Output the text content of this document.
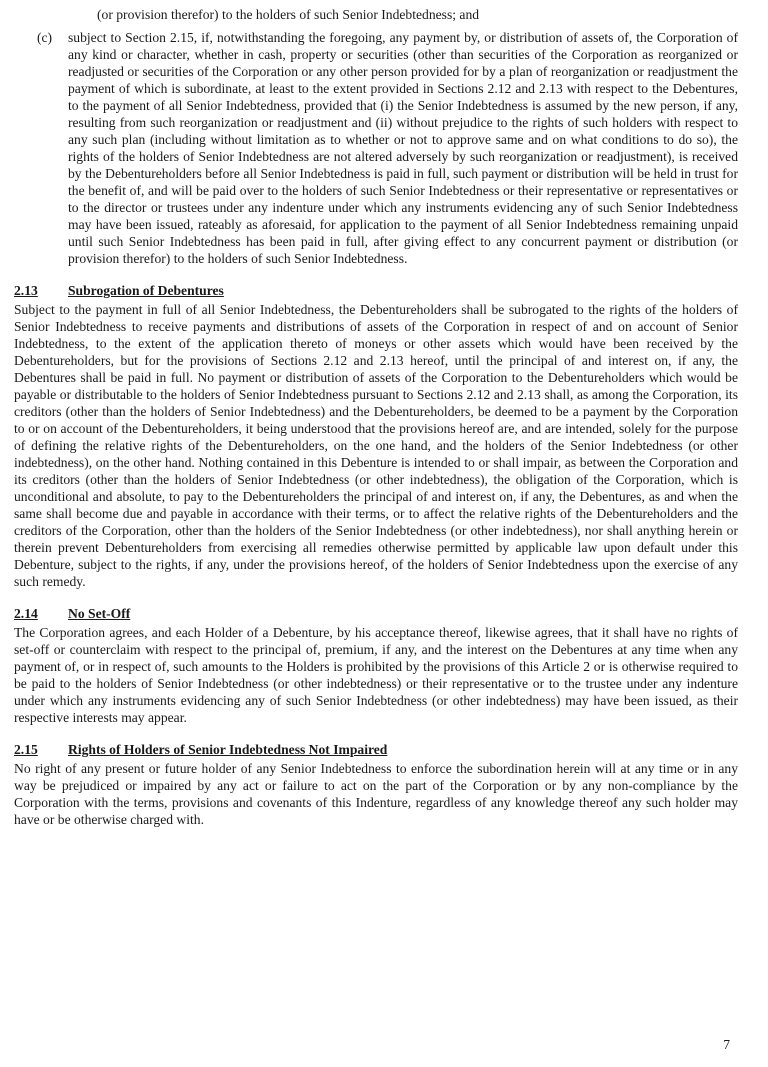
(or provision therefor) to the holders of such Senior Indebtedness; and
(c)	subject to Section 2.15, if, notwithstanding the foregoing, any payment by, or distribution of assets of, the Corporation of any kind or character, whether in cash, property or securities (other than securities of the Corporation as reorganized or readjusted or securities of the Corporation or any other person provided for by a plan of reorganization or readjustment the payment of which is subordinate, at least to the extent provided in Sections 2.12 and 2.13 with respect to the Debentures, to the payment of all Senior Indebtedness, provided that (i) the Senior Indebtedness is assumed by the new person, if any, resulting from such reorganization or readjustment and (ii) without prejudice to the rights of such holders with respect to any such plan (including without limitation as to whether or not to approve same and on what conditions to do so), the rights of the holders of Senior Indebtedness are not altered adversely by such reorganization or readjustment), is received by the Debentureholders before all Senior Indebtedness is paid in full, such payment or distribution will be held in trust for the benefit of, and will be paid over to the holders of such Senior Indebtedness or their representative or representatives or to the director or trustees under any indenture under which any instruments evidencing any of such Senior Indebtedness may have been issued, rateably as aforesaid, for application to the payment of all Senior Indebtedness remaining unpaid until such Senior Indebtedness has been paid in full, after giving effect to any concurrent payment or distribution (or provision therefor) to the holders of such Senior Indebtedness.
2.13 Subrogation of Debentures
Subject to the payment in full of all Senior Indebtedness, the Debentureholders shall be subrogated to the rights of the holders of Senior Indebtedness to receive payments and distributions of assets of the Corporation in respect of and on account of Senior Indebtedness, to the extent of the application thereto of moneys or other assets which would have been received by the Debentureholders, but for the provisions of Sections 2.12 and 2.13 hereof, until the principal of and interest on, if any, the Debentures shall be paid in full. No payment or distribution of assets of the Corporation to the Debentureholders which would be payable or distributable to the holders of Senior Indebtedness pursuant to Sections 2.12 and 2.13 shall, as among the Corporation, its creditors (other than the holders of Senior Indebtedness) and the Debentureholders, be deemed to be a payment by the Corporation to or on account of the Debentureholders, it being understood that the provisions hereof are, and are intended, solely for the purpose of defining the relative rights of the Debentureholders, on the one hand, and the holders of the Senior Indebtedness (or other indebtedness), on the other hand. Nothing contained in this Debenture is intended to or shall impair, as between the Corporation and its creditors (other than the holders of Senior Indebtedness (or other indebtedness), the obligation of the Corporation, which is unconditional and absolute, to pay to the Debentureholders the principal of and interest on, if any, the Debentures, as and when the same shall become due and payable in accordance with their terms, or to affect the relative rights of the Debentureholders and the creditors of the Corporation, other than the holders of the Senior Indebtedness (or other indebtedness), nor shall anything herein or therein prevent Debentureholders from exercising all remedies otherwise permitted by applicable law upon default under this Debenture, subject to the rights, if any, under the provisions hereof, of the holders of Senior Indebtedness upon the exercise of any such remedy.
2.14 No Set-Off
The Corporation agrees, and each Holder of a Debenture, by his acceptance thereof, likewise agrees, that it shall have no rights of set-off or counterclaim with respect to the principal of, premium, if any, and the interest on the Debentures at any time when any payment of, or in respect of, such amounts to the Holders is prohibited by the provisions of this Article 2 or is otherwise required to be paid to the holders of Senior Indebtedness (or other indebtedness) or their representative or to the trustee under any indenture under which any instruments evidencing any of such Senior Indebtedness (or other indebtedness) may have been issued, as their respective interests may appear.
2.15 Rights of Holders of Senior Indebtedness Not Impaired
No right of any present or future holder of any Senior Indebtedness to enforce the subordination herein will at any time or in any way be prejudiced or impaired by any act or failure to act on the part of the Corporation or by any non-compliance by the Corporation with the terms, provisions and covenants of this Indenture, regardless of any knowledge thereof any such holder may have or be otherwise charged with.
7
